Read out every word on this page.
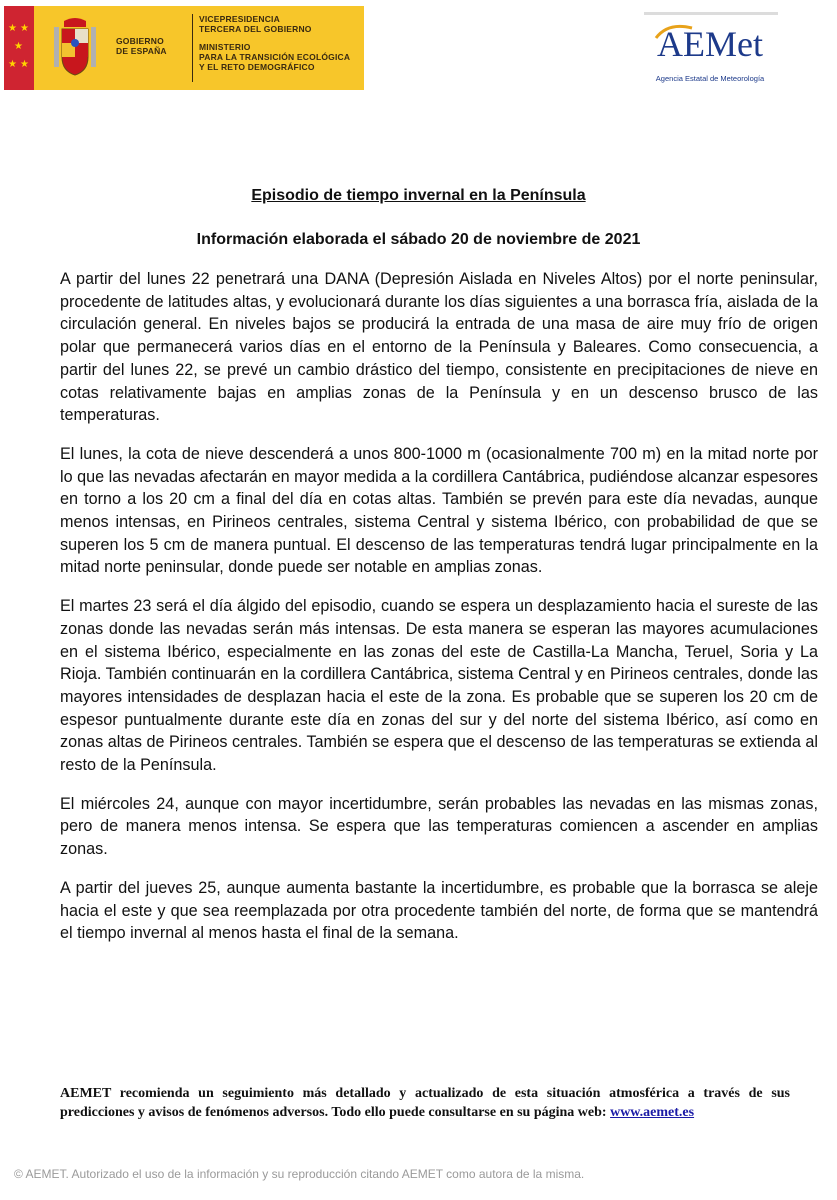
★ ★
★
★ ★
GOBIERNO
DE ESPAÑA
VICEPRESIDENCIA
TERCERA DEL GOBIERNO
MINISTERIO
PARA LA TRANSICIÓN ECOLÓGICA
Y EL RETO DEMOGRÁFICO
AEMet
Agencia Estatal de Meteorología
Episodio de tiempo invernal en la Península
Información elaborada el sábado 20 de noviembre de 2021

A partir del lunes 22 penetrará una DANA (Depresión Aislada en Niveles Altos) por el norte peninsular, procedente de latitudes altas, y evolucionará durante los días siguientes a una borrasca fría, aislada de la circulación general. En niveles bajos se producirá la entrada de una masa de aire muy frío de origen polar que permanecerá varios días en el entorno de la Península y Baleares. Como consecuencia, a partir del lunes 22, se prevé un cambio drástico del tiempo, consistente en precipitaciones de nieve en cotas relativamente bajas en amplias zonas de la Península y en un descenso brusco de las temperaturas.

El lunes, la cota de nieve descenderá a unos 800-1000 m (ocasionalmente 700 m) en la mitad norte por lo que las nevadas afectarán en mayor medida a la cordillera Cantábrica, pudiéndose alcanzar espesores en torno a los 20 cm a final del día en cotas altas. También se prevén para este día nevadas, aunque menos intensas, en Pirineos centrales, sistema Central y sistema Ibérico, con probabilidad de que se superen los 5 cm de manera puntual. El descenso de las temperaturas tendrá lugar principalmente en la mitad norte peninsular, donde puede ser notable en amplias zonas.

El martes 23 será el día álgido del episodio, cuando se espera un desplazamiento hacia el sureste de las zonas donde las nevadas serán más intensas. De esta manera se esperan las mayores acumulaciones en el sistema Ibérico, especialmente en las zonas del este de Castilla-La Mancha, Teruel, Soria y La Rioja. También continuarán en la cordillera Cantábrica, sistema Central y en Pirineos centrales, donde las mayores intensidades de desplazan hacia el este de la zona. Es probable que se superen los 20 cm de espesor puntualmente durante este día en zonas del sur y del norte del sistema Ibérico, así como en zonas altas de Pirineos centrales. También se espera que el descenso de las temperaturas se extienda al resto de la Península.

El miércoles 24, aunque con mayor incertidumbre, serán probables las nevadas en las mismas zonas, pero de manera menos intensa. Se espera que las temperaturas comiencen a ascender en amplias zonas.

A partir del jueves 25, aunque aumenta bastante la incertidumbre, es probable que la borrasca se aleje hacia el este y que sea reemplazada por otra procedente también del norte, de forma que se mantendrá el tiempo invernal al menos hasta el final de la semana.

AEMET recomienda un seguimiento más detallado y actualizado de esta situación atmosférica a través de sus predicciones y avisos de fenómenos adversos. Todo ello puede consultarse en su página web: www.aemet.es
© AEMET. Autorizado el uso de la información y su reproducción citando AEMET como autora de la misma.
